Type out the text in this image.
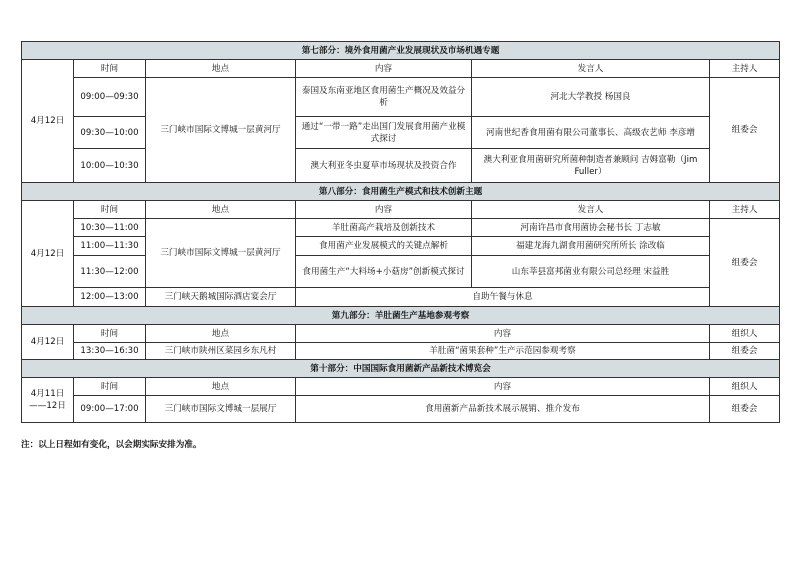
第七部分：境外食用菌产业发展现状及市场机遇专题					
4月12日	时间	地点	内容	发言人	主持人
	09:00—09:30	三门峡市国际文博城一层黄河厅	泰国及东南亚地区食用菌生产概况及效益分析	河北大学教授 杨国良	组委会
	09:30—10:00		通过“一带一路”走出国门发展食用菌产业模式探讨	河南世纪香食用菌有限公司董事长、高级农艺师 李彦增	
	10:00—10:30		澳大利亚冬虫夏草市场现状及投资合作	澳大利亚食用菌研究所菌种制造者兼顾问 吉姆富勒（Jim Fuller）	
第八部分：食用菌生产模式和技术创新主题					
4月12日	时间	地点	内容	发言人	主持人
	10:30—11:00	三门峡市国际文博城一层黄河厅	羊肚菌高产栽培及创新技术	河南许昌市食用菌协会秘书长 丁志敏	组委会
	11:00—11:30		食用菌产业发展模式的关键点解析	福建龙海九湖食用菌研究所所长 涂改临	
	11:30—12:00		食用菌生产“大料场+小菇房”创新模式探讨	山东莘县富邦菌业有限公司总经理 宋益胜	
	12:00—13:00	三门峡天鹅城国际酒店宴会厅	自助午餐与休息		
第九部分：羊肚菌生产基地参观考察					
4月12日	时间	地点	内容		组织人
	13:30—16:30	三门峡市陕州区菜园乡东凡村	羊肚菌“菌果套种”生产示范园参观考察		组委会
第十部分：中国国际食用菌新产品新技术博览会					

4月11日
——12日	时间	地点	内容		组织人
	09:00—17:00	三门峡市国际文博城一层展厅	食用菌新产品新技术展示展销、推介发布		组委会
注：以上日程如有变化，以会期实际安排为准。
